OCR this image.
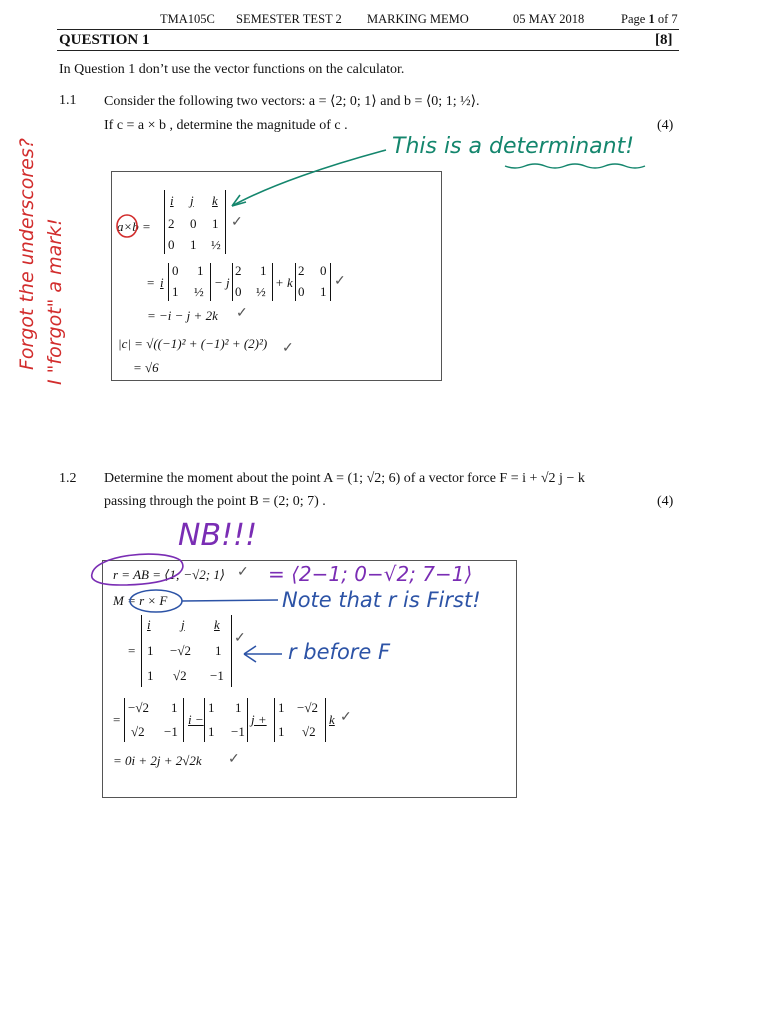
TMA105C SEMESTER TEST 2 MARKING MEMO	05 MAY 2018	Page 1 of 7
QUESTION 1	[8]
In Question 1 don’t use the vector functions on the calculator.
1.1 Consider the following two vectors: a = ⟨2; 0; 1⟩ and b = ⟨0; 1; ½⟩.
If c = a × b , determine the magnitude of c .	(4)
a×b =
i j k
2 0 1
0 1 ½
✓
= i
0 1
1 ½
− j
2 1
0 ½
+ k
2 0
0 1
✓
= −i − j + 2k ✓
|c| = √((−1)² + (−1)² + (2)²) ✓
= √6
This is a determinant!
Forgot the underscores? I "forgot" a mark!
1.2 Determine the moment about the point A = (1; √2; 6) of a vector force F = i + √2 j − k
passing through the point B = (2; 0; 7) .	(4)
r = AB = ⟨1; −√2; 1⟩ ✓
M = r × F
=
i j k
1 −√2 1
1 √2 −1
✓
=
−√2 1
√2 −1
i −
1 1
1 −1
j +
1 −√2
1 √2
k ✓
= 0i + 2j + 2√2k ✓
NB!!!
= ⟨2−1; 0−√2; 7−1⟩
Note that r is First!
r before F
